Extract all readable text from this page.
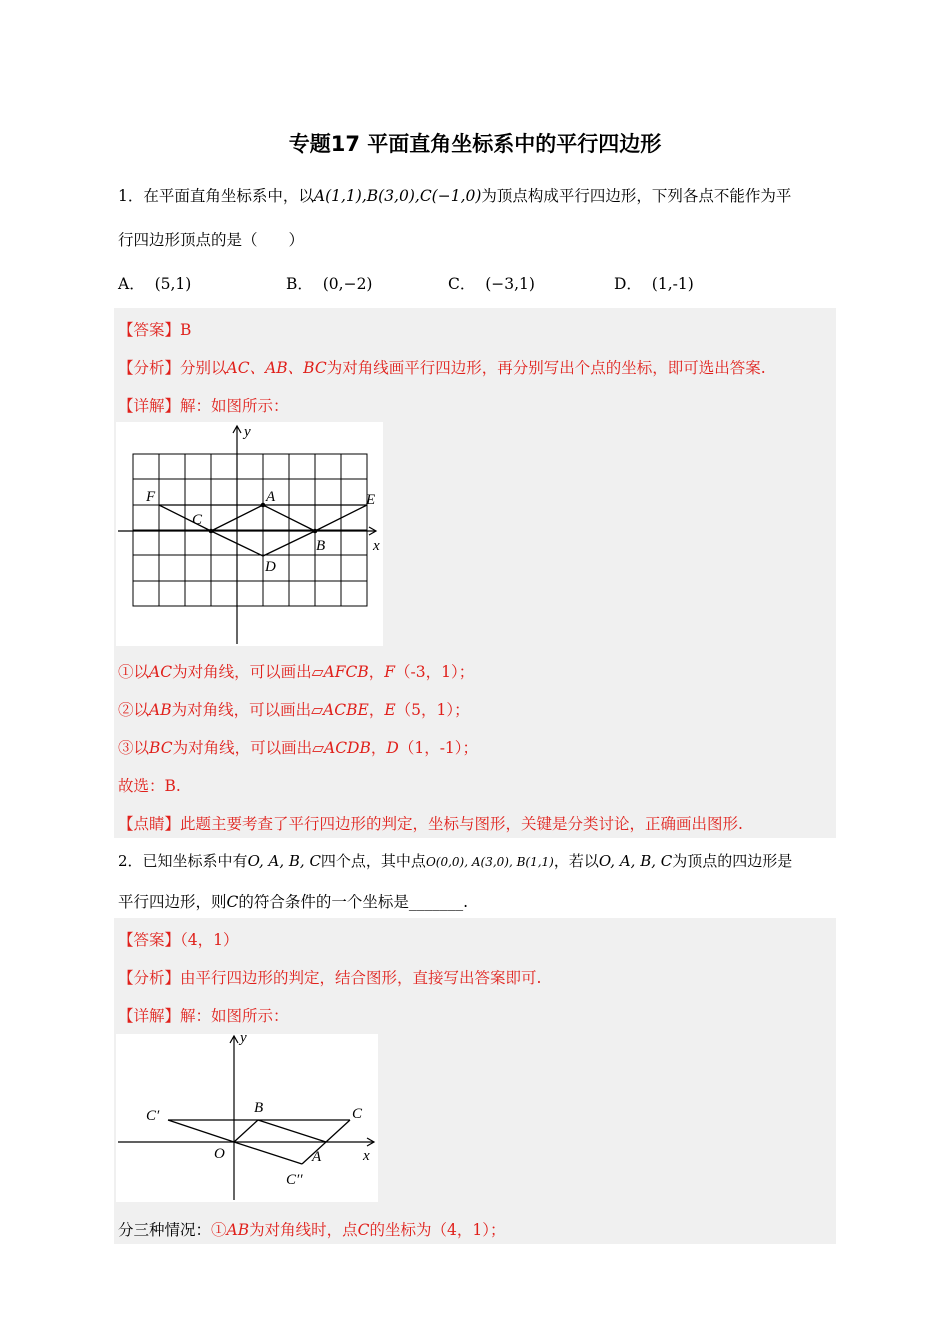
专题17 平面直角坐标系中的平行四边形
1．在平面直角坐标系中，以A(1,1),B(3,0),C(−1,0)为顶点构成平行四边形，下列各点不能作为平
行四边形顶点的是（　　）
A． (5,1)	B． (0,−2)	C． (−3,1)	D． (1,-1)
【答案】B
【分析】分别以AC、AB、BC为对角线画平行四边形，再分别写出个点的坐标，即可选出答案.
【详解】解：如图所示：
y
x
F	A	E
C
B
D
①以AC为对角线，可以画出▱AFCB，F（-3，1）；
②以AB为对角线，可以画出▱ACBE，E（5，1）；
③以BC为对角线，可以画出▱ACDB，D（1，-1）；
故选：B.
【点睛】此题主要考查了平行四边形的判定，坐标与图形，关键是分类讨论，正确画出图形.
2．已知坐标系中有O, A, B, C四个点，其中点O(0,0), A(3,0), B(1,1)，若以O, A, B, C为顶点的四边形是
平行四边形，则C的符合条件的一个坐标是_______.
【答案】（4，1）
【分析】由平行四边形的判定，结合图形，直接写出答案即可.
【详解】解：如图所示：
y
x
O
B	C
C′
A
C′′
分三种情况：①AB为对角线时，点C的坐标为（4，1）；
